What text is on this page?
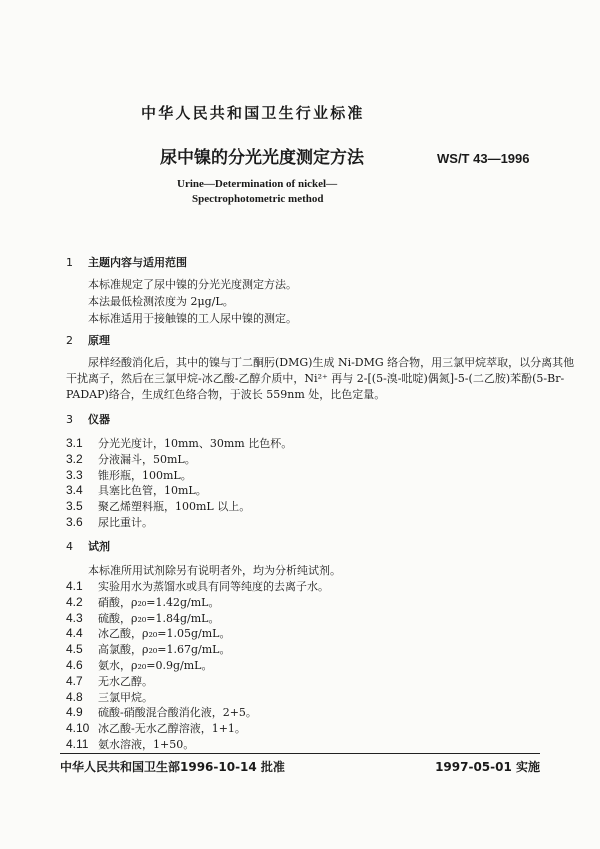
中华人民共和国卫生行业标准
尿中镍的分光光度测定方法	WS/T 43—1996
Urine—Determination of nickel—
Spectrophotometric method
1 主题内容与适用范围
本标准规定了尿中镍的分光光度测定方法。
本法最低检测浓度为 2μg/L。
本标准适用于接触镍的工人尿中镍的测定。
2 原理
尿样经酸消化后，其中的镍与丁二酮肟(DMG)生成 Ni-DMG 络合物，用三氯甲烷萃取，以分离其他
干扰离子，然后在三氯甲烷-冰乙酸-乙醇介质中，Ni²⁺ 再与 2-[(5-溴-吡啶)偶氮]-5-(二乙胺)苯酚(5-Br-
PADAP)络合，生成红色络合物，于波长 559nm 处，比色定量。
3 仪器
3.1 分光光度计，10mm、30mm 比色杯。
3.2 分液漏斗，50mL。
3.3 锥形瓶，100mL。
3.4 具塞比色管，10mL。
3.5 聚乙烯塑料瓶，100mL 以上。
3.6 尿比重计。
4 试剂
本标准所用试剂除另有说明者外，均为分析纯试剂。
4.1 实验用水为蒸馏水或具有同等纯度的去离子水。
4.2 硝酸，ρ₂₀=1.42g/mL。
4.3 硫酸，ρ₂₀=1.84g/mL。
4.4 冰乙酸，ρ₂₀=1.05g/mL。
4.5 高氯酸，ρ₂₀=1.67g/mL。
4.6 氨水，ρ₂₀=0.9g/mL。
4.7 无水乙醇。
4.8 三氯甲烷。
4.9 硫酸-硝酸混合酸消化液，2+5。
4.10 冰乙酸-无水乙醇溶液，1+1。
4.11 氨水溶液，1+50。
中华人民共和国卫生部1996-10-14 批准	1997-05-01 实施
